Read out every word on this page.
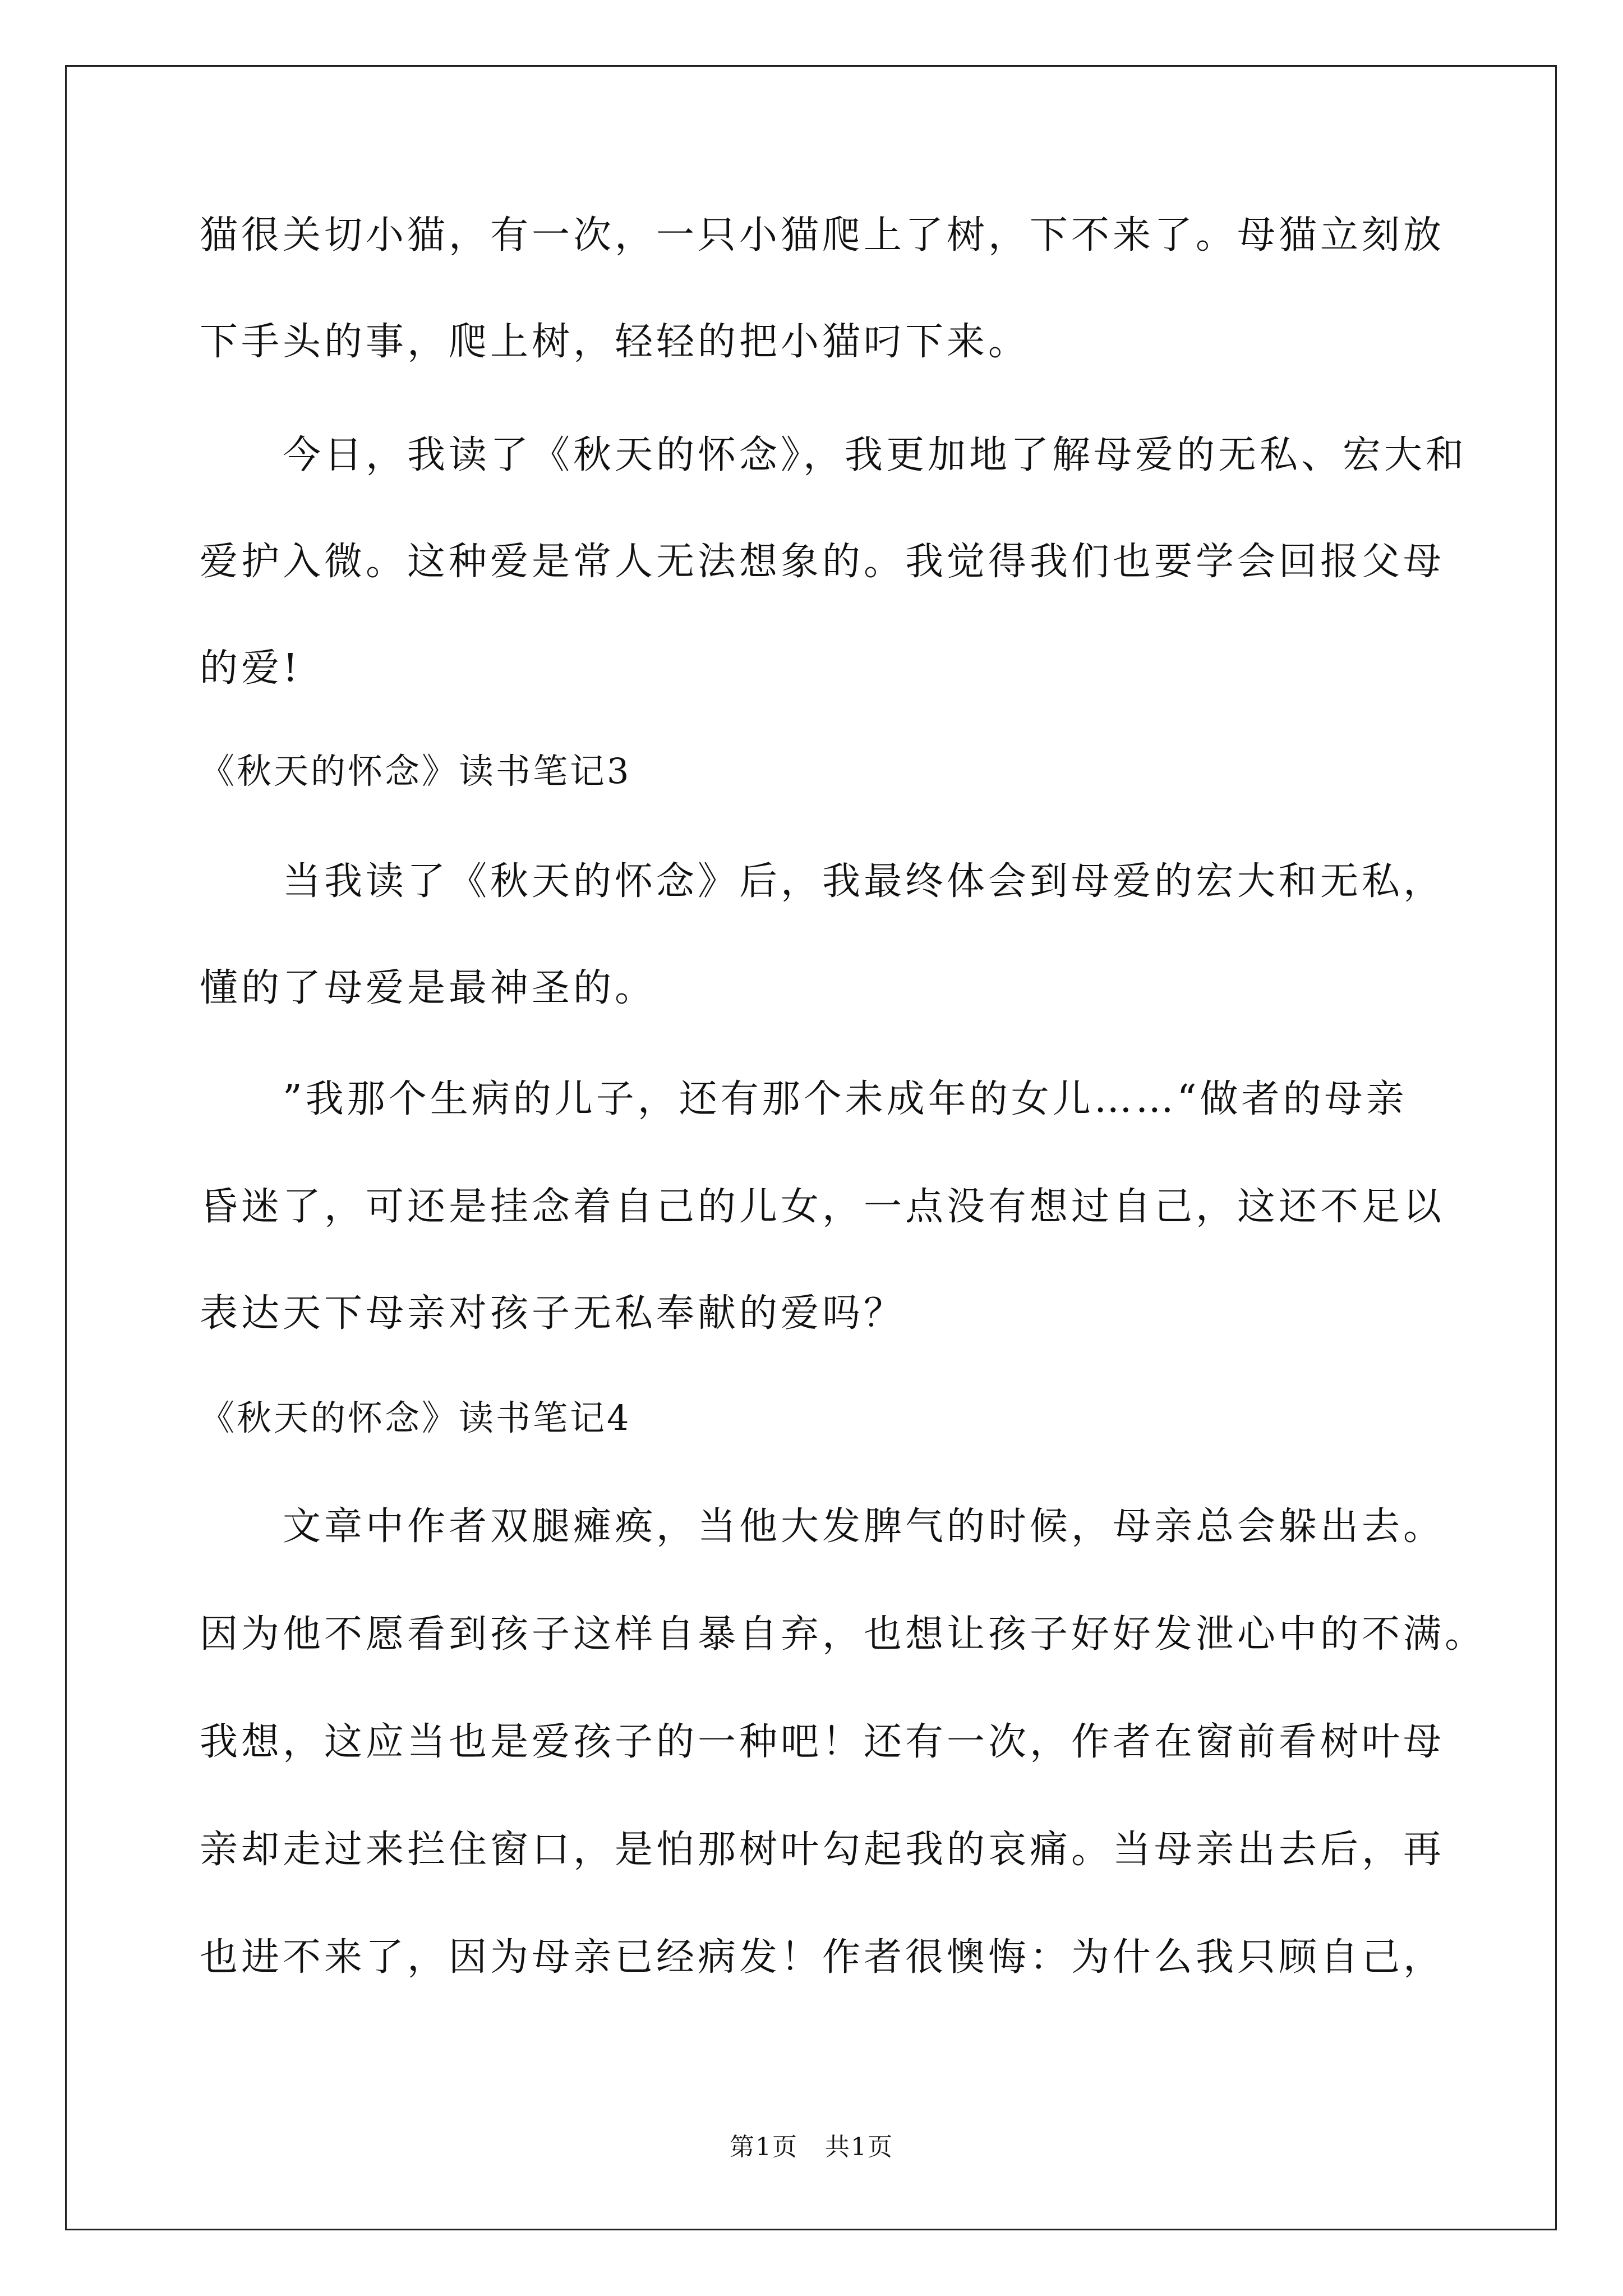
猫很关切小猫，有一次，一只小猫爬上了树，下不来了。母猫立刻放
下手头的事，爬上树，轻轻的把小猫叼下来。
今日，我读了《秋天的怀念》，我更加地了解母爱的无私、宏大和
爱护入微。这种爱是常人无法想象的。我觉得我们也要学会回报父母
的爱!
《秋天的怀念》读书笔记3
当我读了《秋天的怀念》后，我最终体会到母爱的宏大和无私，
懂的了母爱是最神圣的。
”我那个生病的儿子，还有那个未成年的女儿……“做者的母亲
昏迷了，可还是挂念着自己的儿女，一点没有想过自己，这还不足以
表达天下母亲对孩子无私奉献的爱吗？
《秋天的怀念》读书笔记4
文章中作者双腿瘫痪，当他大发脾气的时候，母亲总会躲出去。
因为他不愿看到孩子这样自暴自弃，也想让孩子好好发泄心中的不满。
我想，这应当也是爱孩子的一种吧！还有一次，作者在窗前看树叶母
亲却走过来拦住窗口，是怕那树叶勾起我的哀痛。当母亲出去后，再
也进不来了，因为母亲已经病发！作者很懊悔：为什么我只顾自己，
第1页 共1页
